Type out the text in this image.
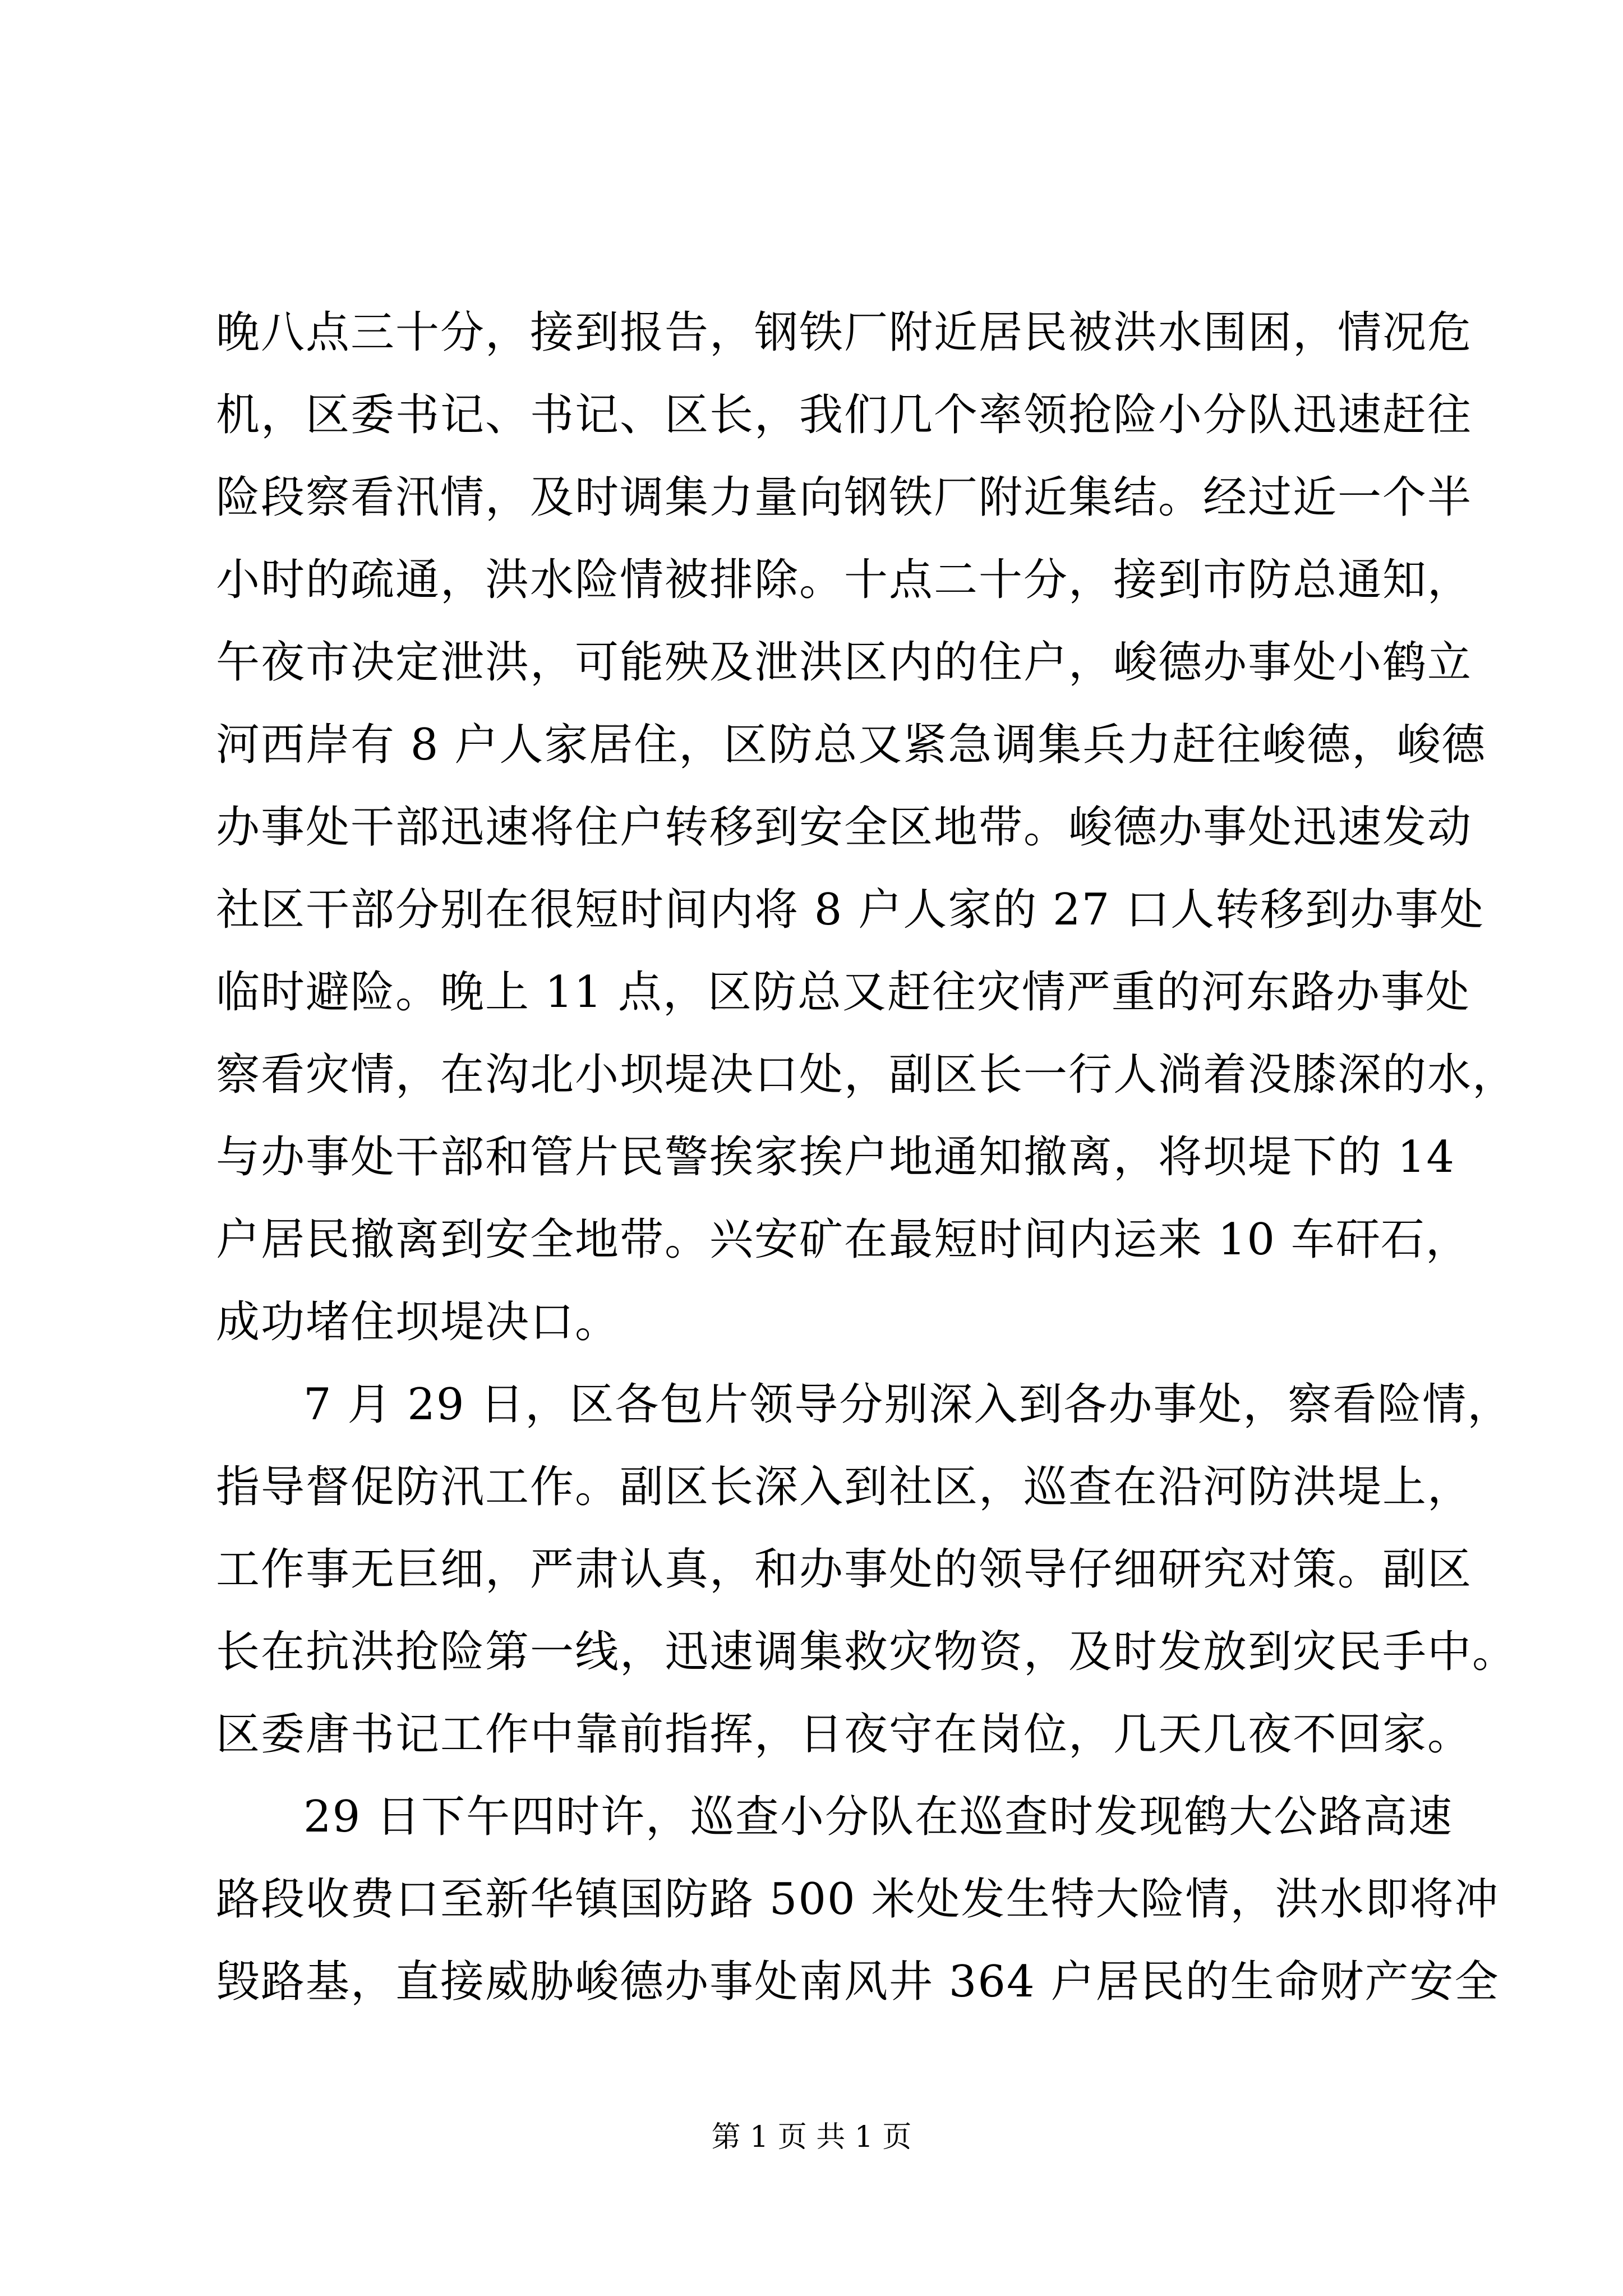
晚八点三十分，接到报告，钢铁厂附近居民被洪水围困，情况危
机，区委书记、书记、区长，我们几个率领抢险小分队迅速赶往
险段察看汛情，及时调集力量向钢铁厂附近集结。经过近一个半
小时的疏通，洪水险情被排除。十点二十分，接到市防总通知，
午夜市决定泄洪，可能殃及泄洪区内的住户，峻德办事处小鹤立
河西岸有 8 户人家居住，区防总又紧急调集兵力赶往峻德，峻德
办事处干部迅速将住户转移到安全区地带。峻德办事处迅速发动
社区干部分别在很短时间内将 8 户人家的 27 口人转移到办事处
临时避险。晚上 11 点，区防总又赶往灾情严重的河东路办事处
察看灾情，在沟北小坝堤决口处，副区长一行人淌着没膝深的水，
与办事处干部和管片民警挨家挨户地通知撤离，将坝堤下的 14
户居民撤离到安全地带。兴安矿在最短时间内运来 10 车矸石，
成功堵住坝堤决口。
7 月 29 日，区各包片领导分别深入到各办事处，察看险情，
指导督促防汛工作。副区长深入到社区，巡查在沿河防洪堤上，
工作事无巨细，严肃认真，和办事处的领导仔细研究对策。副区
长在抗洪抢险第一线，迅速调集救灾物资，及时发放到灾民手中。
区委唐书记工作中靠前指挥，日夜守在岗位，几天几夜不回家。
29 日下午四时许，巡查小分队在巡查时发现鹤大公路高速
路段收费口至新华镇国防路 500 米处发生特大险情，洪水即将冲
毁路基，直接威胁峻德办事处南风井 364 户居民的生命财产安全
第 1 页 共 1 页
